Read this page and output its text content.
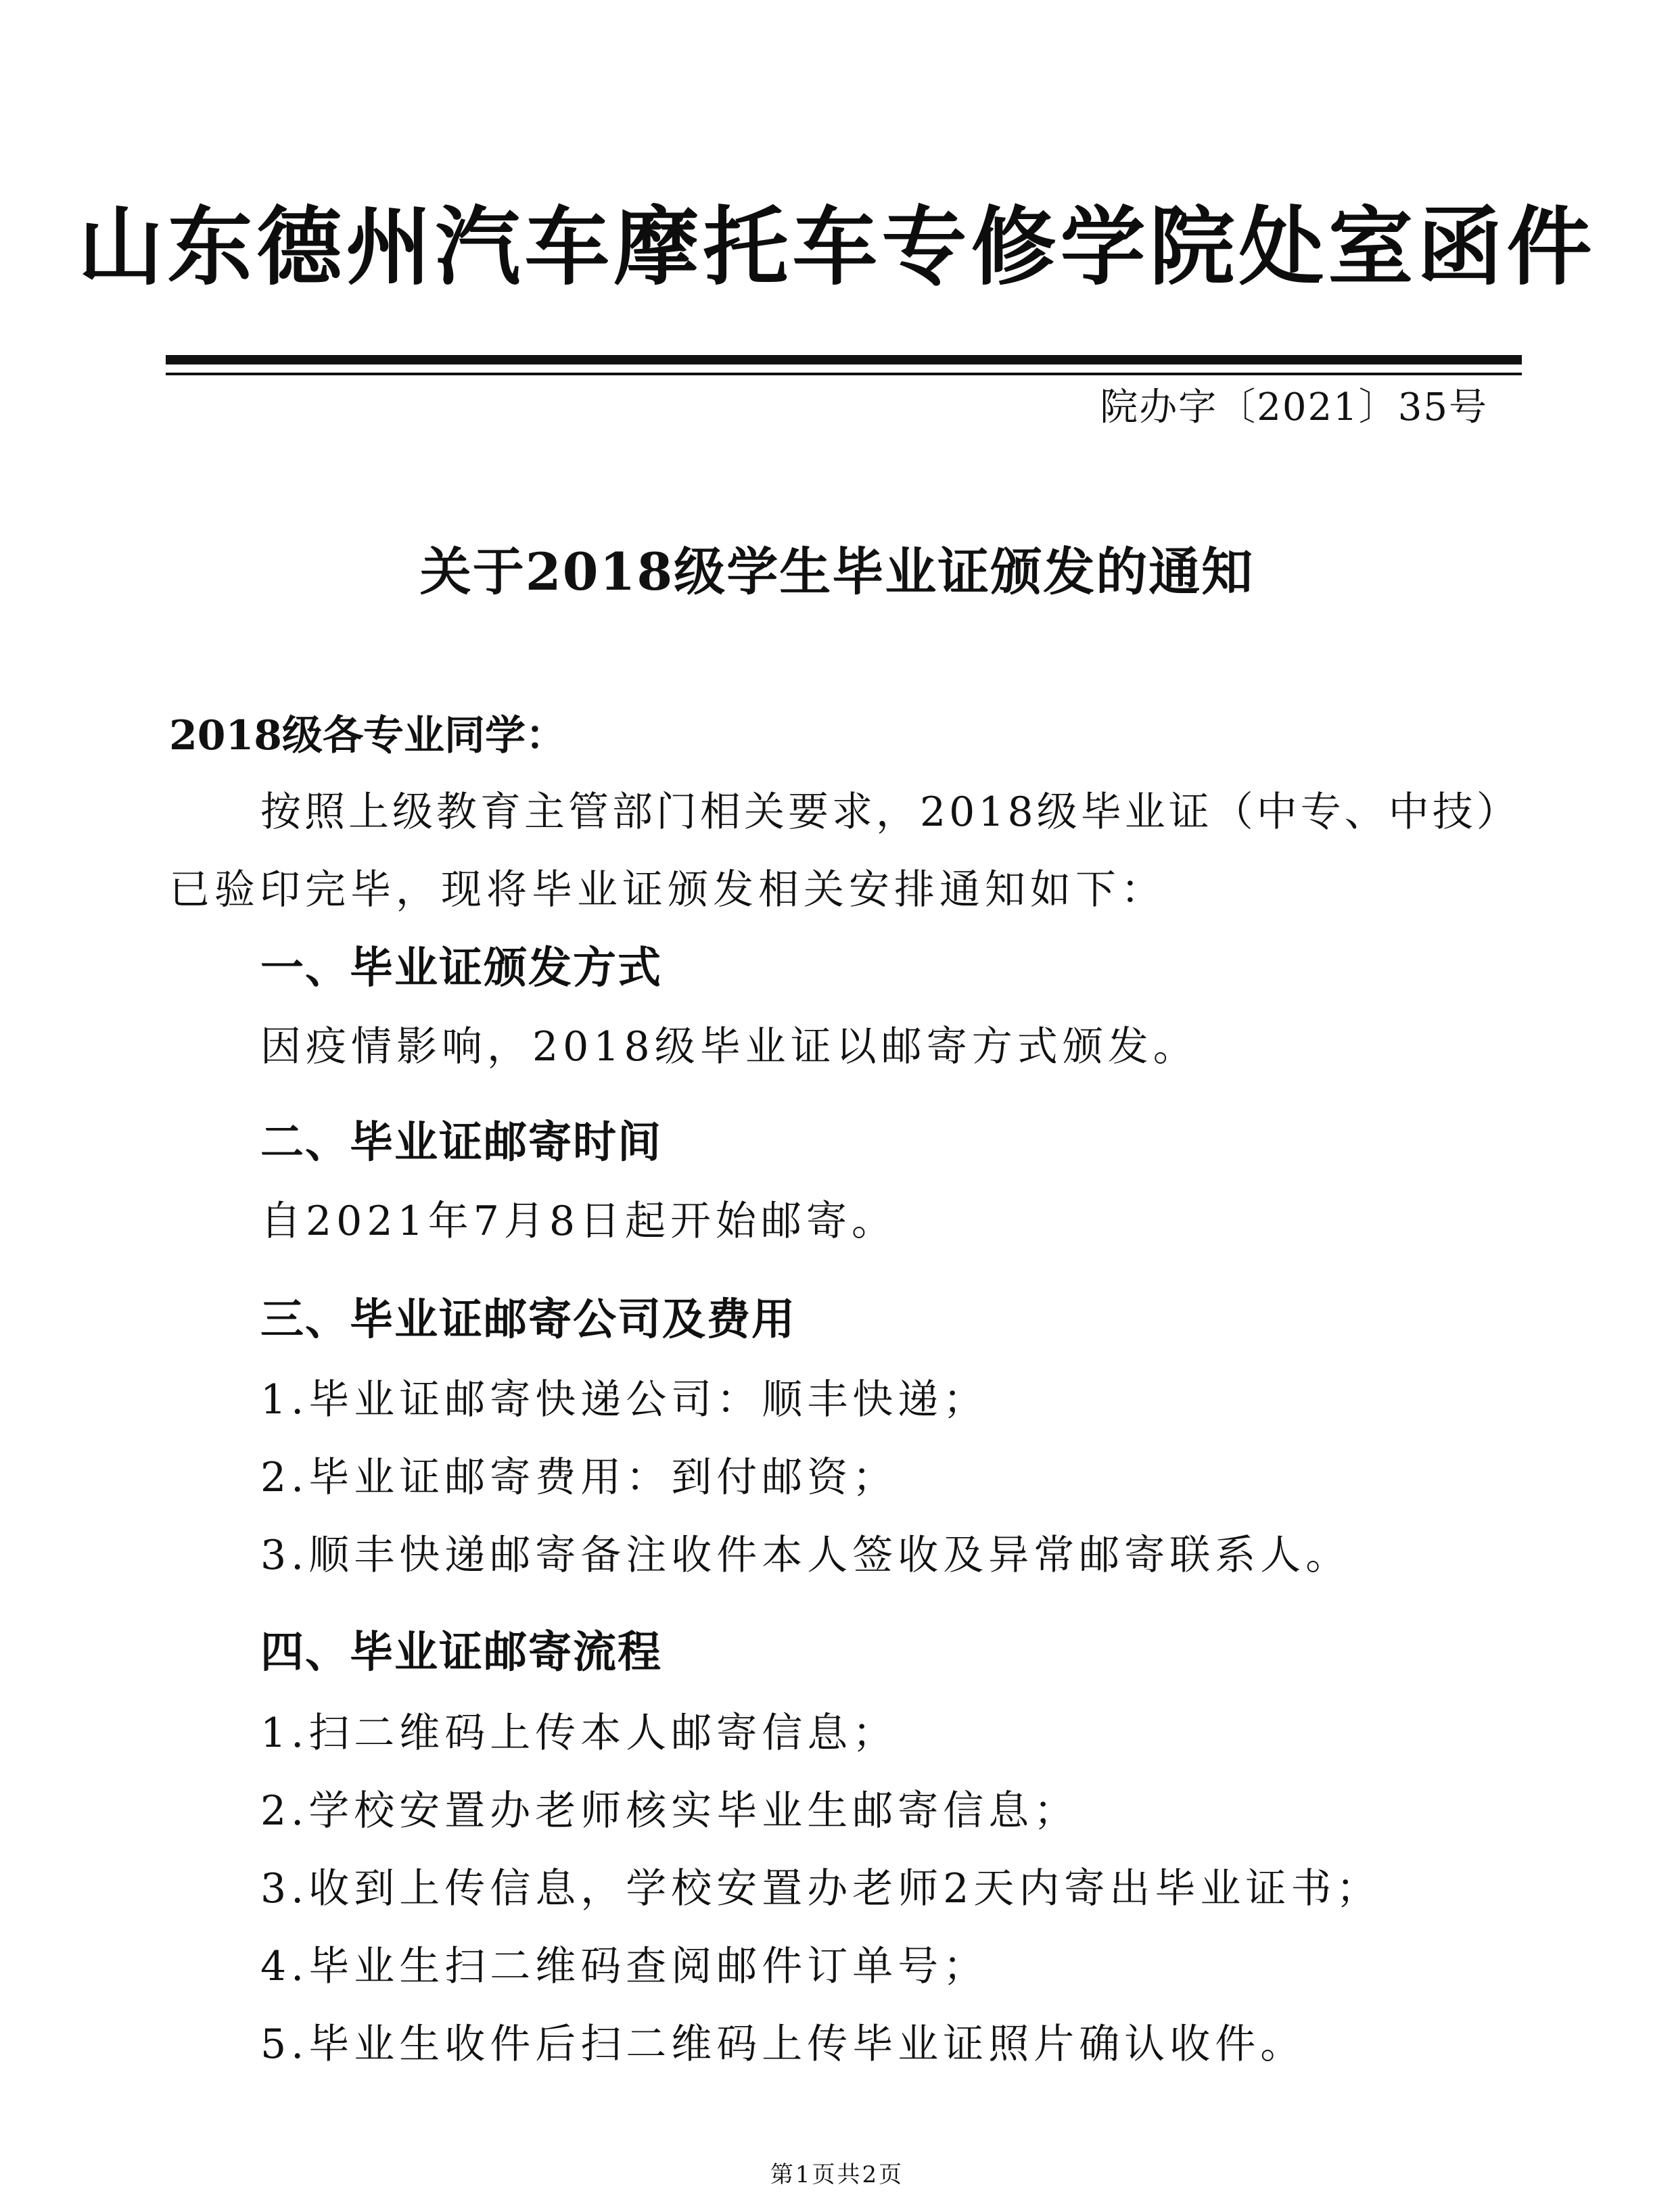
山东德州汽车摩托车专修学院处室函件
院办字〔2021〕35号
关于2018级学生毕业证颁发的通知
2018级各专业同学：
按照上级教育主管部门相关要求，2018级毕业证（中专、中技）
已验印完毕，现将毕业证颁发相关安排通知如下：
一、毕业证颁发方式
因疫情影响，2018级毕业证以邮寄方式颁发。
二、毕业证邮寄时间
自2021年7月8日起开始邮寄。
三、毕业证邮寄公司及费用
1.毕业证邮寄快递公司：顺丰快递；
2.毕业证邮寄费用：到付邮资；
3.顺丰快递邮寄备注收件本人签收及异常邮寄联系人。
四、毕业证邮寄流程
1.扫二维码上传本人邮寄信息；
2.学校安置办老师核实毕业生邮寄信息；
3.收到上传信息，学校安置办老师2天内寄出毕业证书；
4.毕业生扫二维码查阅邮件订单号；
5.毕业生收件后扫二维码上传毕业证照片确认收件。
第1页共2页
